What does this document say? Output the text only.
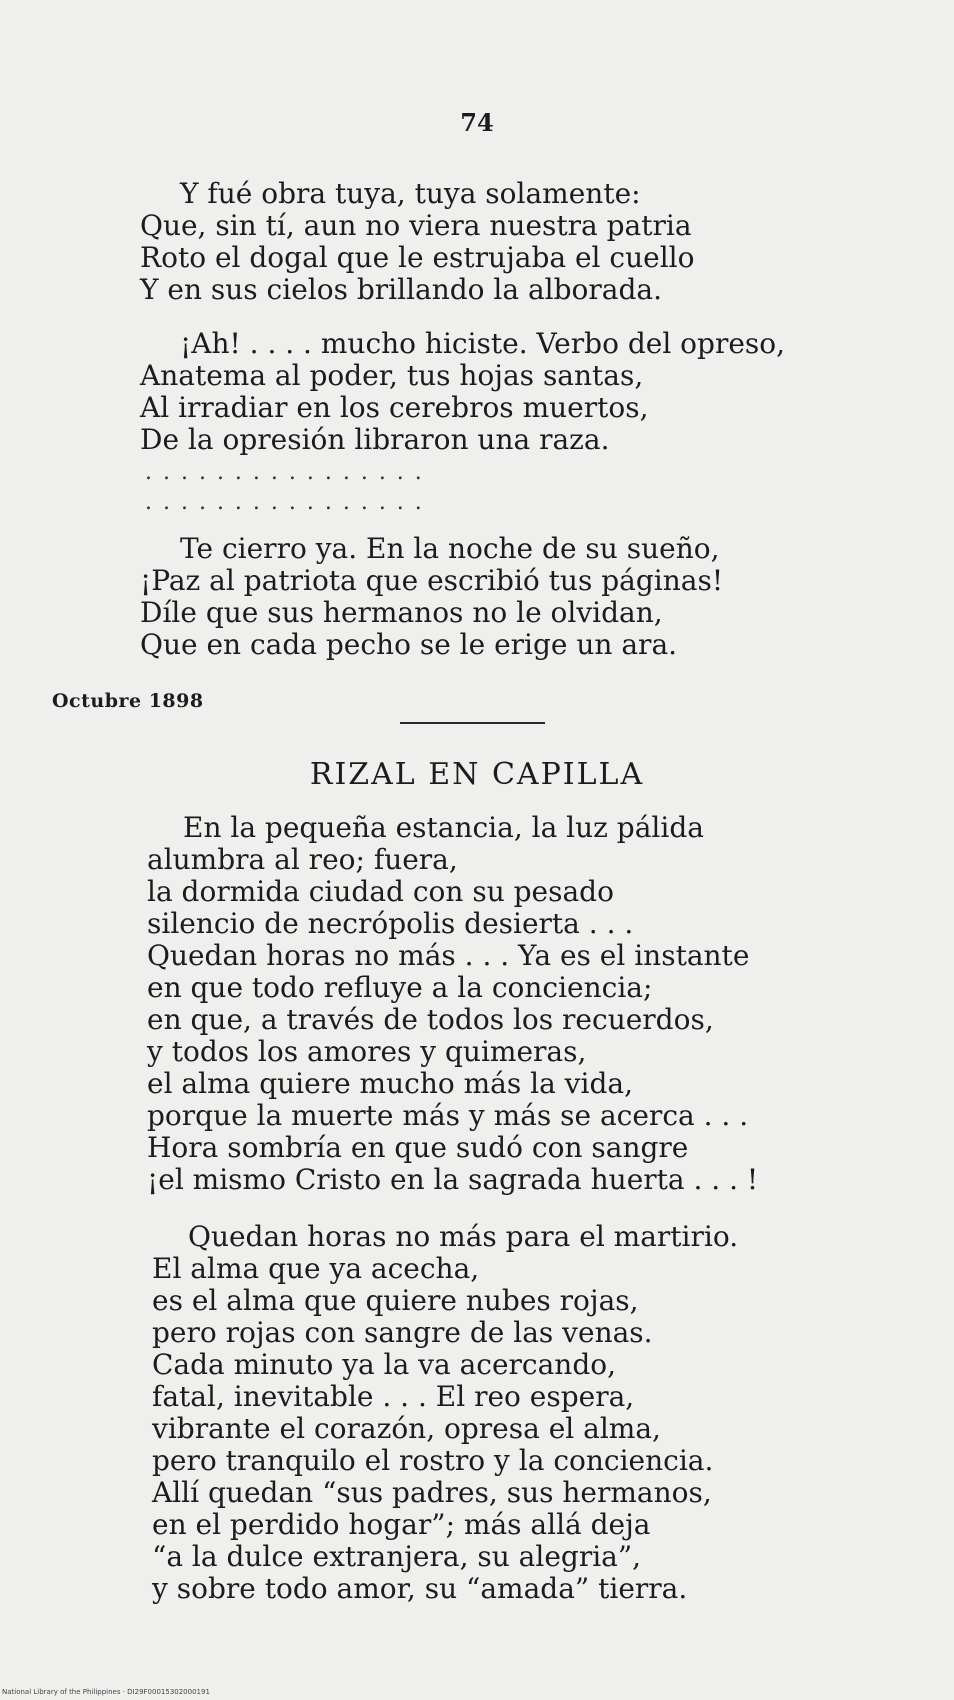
74
Y fué obra tuya, tuya solamente:
Que, sin tí, aun no viera nuestra patria
Roto el dogal que le estrujaba el cuello
Y en sus cielos brillando la alborada.
¡Ah! . . . . mucho hiciste. Verbo del opreso,
Anatema al poder, tus hojas santas,
Al irradiar en los cerebros muertos,
De la opresión libraron una raza.
. . . . . . . . . . . . . . . .
. . . . . . . . . . . . . . . .
Te cierro ya. En la noche de su sueño,
¡Paz al patriota que escribió tus páginas!
Díle que sus hermanos no le olvidan,
Que en cada pecho se le erige un ara.
Octubre 1898
RIZAL EN CAPILLA
En la pequeña estancia, la luz pálida
alumbra al reo; fuera,
la dormida ciudad con su pesado
silencio de necrópolis desierta . . .
Quedan horas no más . . . Ya es el instante
en que todo refluye a la conciencia;
en que, a través de todos los recuerdos,
y todos los amores y quimeras,
el alma quiere mucho más la vida,
porque la muerte más y más se acerca . . .
Hora sombría en que sudó con sangre
¡el mismo Cristo en la sagrada huerta . . . !
Quedan horas no más para el martirio.
El alma que ya acecha,
es el alma que quiere nubes rojas,
pero rojas con sangre de las venas.
Cada minuto ya la va acercando,
fatal, inevitable . . . El reo espera,
vibrante el corazón, opresa el alma,
pero tranquilo el rostro y la conciencia.
Allí quedan “sus padres, sus hermanos,
en el perdido hogar”; más allá deja
“a la dulce extranjera, su alegria”,
y sobre todo amor, su “amada” tierra.
National Library of the Philippines · DI29F00015302000191
